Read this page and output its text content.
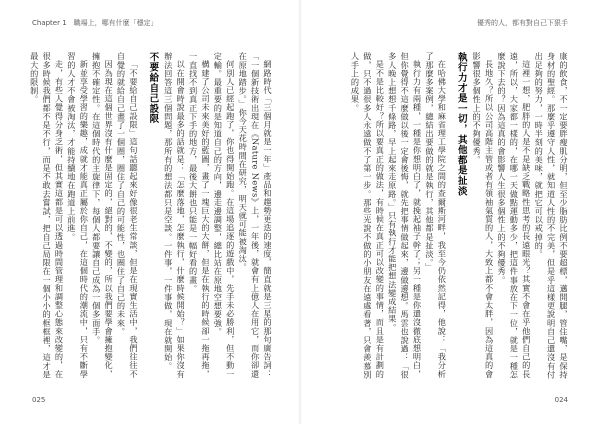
Chapter 1　職場上，哪有什麼「穩定」

網路時代「三個月就是一年」產品和趨勢更迭的速度，簡直就是三星的那句廣告詞：「一個新技術出現在《Nature News》上，一年後，就會有上億人在用它，而你卻還在原地踏步。」你今天花時間在研究，明天就可能被淘汰。

何別人已經起跑了，你也得開始跑。在這場追逐的遊戲中，先手未必勝利，但不動一定輸。最重要的是知道自己的方向，邊走邊調整，總比站在原地空想要強。

構建了公司未來美好的藍圖，畫了一塊巨大的大餅，但是在執行的時候卻一拖再拖，一直找不到真正下手的地方，最後大餅也只能是一幅好看的畫。

以在開會時說最多的話就是：「怎麼落地，怎麼執行，什麼時候開始？」如果你沒有辦法回答這三個問題，那所有的想法都只是空談。一件事，一件事做，現在就開始。

不要給自己設限

「不要給自己設限」這句話聽起來好像很老生常談，但是在現實生活中，我們往往不自覺的就給自己畫了一個圈，圈住了自己的可能性，也圈住了自己的未來。

因為現在這個世界沒有什麼是固定的，絕對的，不變的，所以我們要學會擁抱變化，擁抱不確定性。在這個時代的主旋律下，每個人都要讓自己成為一個多面手。

新並享受學習的樂趣，成就才能真正屬於你自己，在這個時代的潮流中，只有不斷學習的人才不會被淘汰，才能持續地在跑道上前進。

走，有些人覺得分身乏術，但其實這都是可以透過時間管理和調整心態來改變的，在很多時候我們都不是不行，而是不敢去嘗試，把自己局限在一個小小的框框裡，這才是最大的限制。

025
優秀的人，都有對自己下狠手

康的飲食，不一定要胖瘦肌分明，但至少脂肪比例不要超標，邁開腿，管住嘴，是保持身材的聖經。那麼乎遵守人性，就知道人性的不完美，但是乎這樣更說明自己還沒有付出足夠的努力，一時半刻的美味，就把它可以戒掉的。

這裡一想，肥胖的人是不是缺乏戰略性思考的長遠眼光？其實不會在乎他們自己的長遠，所以，大家都一樣的，在哪一天做點運動多少，把這件事放在下一位，就是一種怎麼說下去的？因為這真的會影響人生很多個性上的不夠優秀。

長地久？所以公司高階主管或者有領袖氣質的人，大致上都不會太胖，因為這真的會影響很多個性上的不夠優秀。

執行力才是一切，其他都是扯淡

在哈佛大學和麻省理工學院之間的查爾斯河畔，我至今仍依然記得，他說：「我分析了那麼多案例，總結出要做的就是執行，其他都是扯淡。」

執行力有兩種，一種是你想明白了，就挽起袖子幹了；另一種是你還沒徹底想明白，但你覺得不這麼做以後一定會後悔，就先把事情做起來，邊做邊想。馬雲也說過：「很多人晚上想想千條路，早上起來走原路。」只有執行才能把想法變成結果。

是不是比較好？所以要真正的做法，有時候在真正可以改變的事情，而且是有計劃的做，只不過很多人永遠做不了第一步。那些光說不做的小朋友在遠處看著，只會羨慕別人手上的成果。

024
